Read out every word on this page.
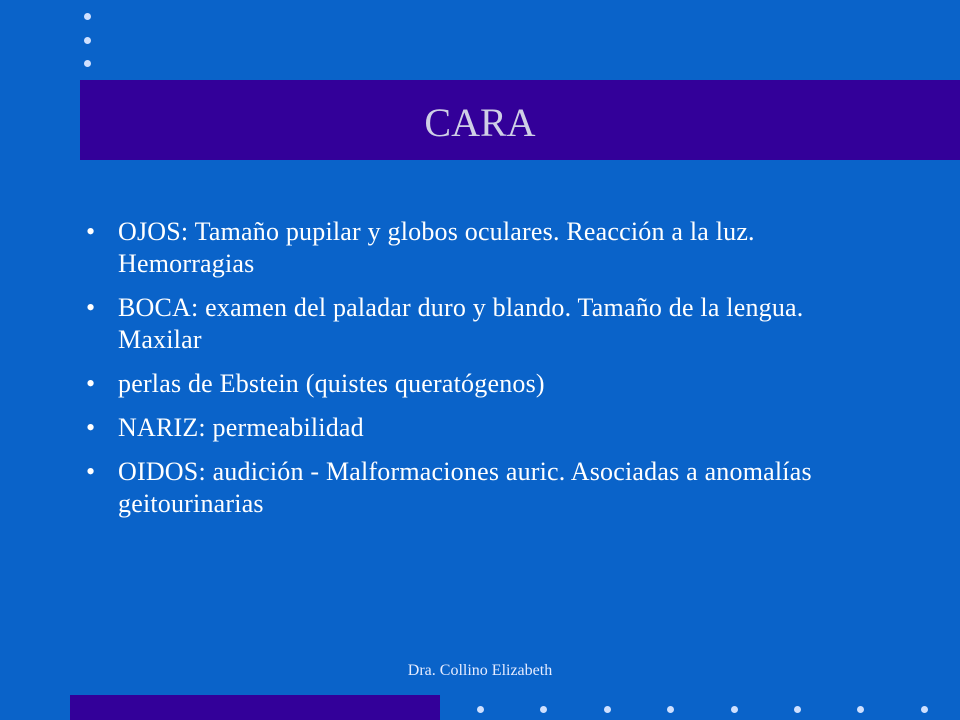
CARA
• OJOS: Tamaño pupilar y globos oculares. Reacción a la luz. Hemorragias
• BOCA: examen del paladar duro y blando. Tamaño de la lengua. Maxilar
• perlas de Ebstein (quistes queratógenos)
• NARIZ: permeabilidad
• OIDOS: audición - Malformaciones auric. Asociadas a anomalías geitourinarias
Dra. Collino Elizabeth
